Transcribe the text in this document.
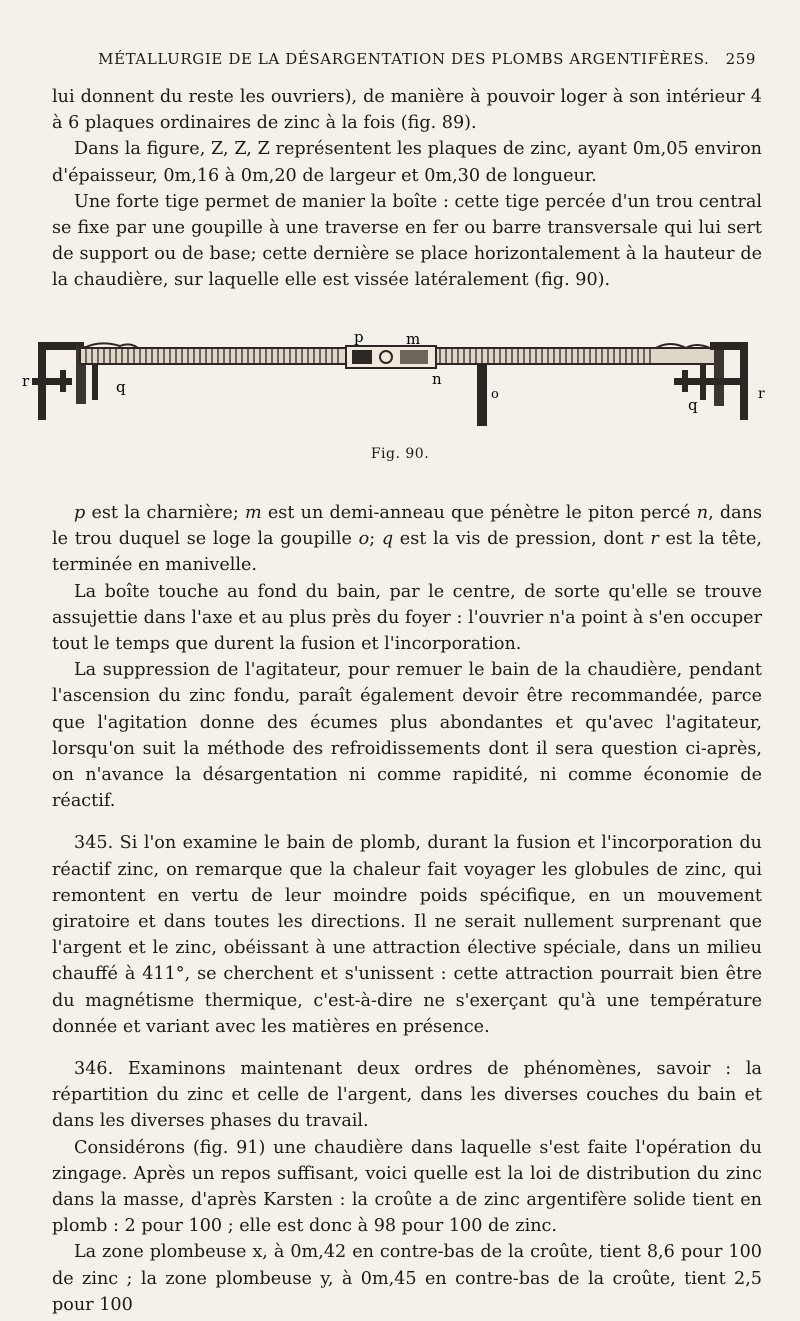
MÉTALLURGIE DE LA DÉSARGENTATION DES PLOMBS ARGENTIFÈRES.	259

lui donnent du reste les ouvriers), de manière à pouvoir loger à son intérieur 4 à 6 plaques ordinaires de zinc à la fois (fig. 89).

Dans la figure, Z, Z, Z représentent les plaques de zinc, ayant 0m,05 environ d'épaisseur, 0m,16 à 0m,20 de largeur et 0m,30 de longueur.

Une forte tige permet de manier la boîte : cette tige percée d'un trou central se fixe par une goupille à une traverse en fer ou barre transversale qui lui sert de support ou de base; cette dernière se place horizontalement à la hauteur de la chaudière, sur laquelle elle est vissée latéralement (fig. 90).

r	q
p	m
n
o
q
r
Fig. 90.

p est la charnière; m est un demi-anneau que pénètre le piton percé n, dans le trou duquel se loge la goupille o; q est la vis de pression, dont r est la tête, terminée en manivelle.

La boîte touche au fond du bain, par le centre, de sorte qu'elle se trouve assujettie dans l'axe et au plus près du foyer : l'ouvrier n'a point à s'en occuper tout le temps que durent la fusion et l'incorporation.

La suppression de l'agitateur, pour remuer le bain de la chaudière, pendant l'ascension du zinc fondu, paraît également devoir être recommandée, parce que l'agitation donne des écumes plus abondantes et qu'avec l'agitateur, lorsqu'on suit la méthode des refroidissements dont il sera question ci-après, on n'avance la désargentation ni comme rapidité, ni comme économie de réactif.

345. Si l'on examine le bain de plomb, durant la fusion et l'incorporation du réactif zinc, on remarque que la chaleur fait voyager les globules de zinc, qui remontent en vertu de leur moindre poids spécifique, en un mouvement giratoire et dans toutes les directions. Il ne serait nullement surprenant que l'argent et le zinc, obéissant à une attraction élective spéciale, dans un milieu chauffé à 411°, se cherchent et s'unissent : cette attraction pourrait bien être du magnétisme thermique, c'est-à-dire ne s'exerçant qu'à une température donnée et variant avec les matières en présence.

346. Examinons maintenant deux ordres de phénomènes, savoir : la répartition du zinc et celle de l'argent, dans les diverses couches du bain et dans les diverses phases du travail.

Considérons (fig. 91) une chaudière dans laquelle s'est faite l'opération du zingage. Après un repos suffisant, voici quelle est la loi de distribution du zinc dans la masse, d'après Karsten : la croûte a de zinc argentifère solide tient en plomb : 2 pour 100 ; elle est donc à 98 pour 100 de zinc.

La zone plombeuse x, à 0m,42 en contre-bas de la croûte, tient 8,6 pour 100 de zinc ; la zone plombeuse y, à 0m,45 en contre-bas de la croûte, tient 2,5 pour 100
